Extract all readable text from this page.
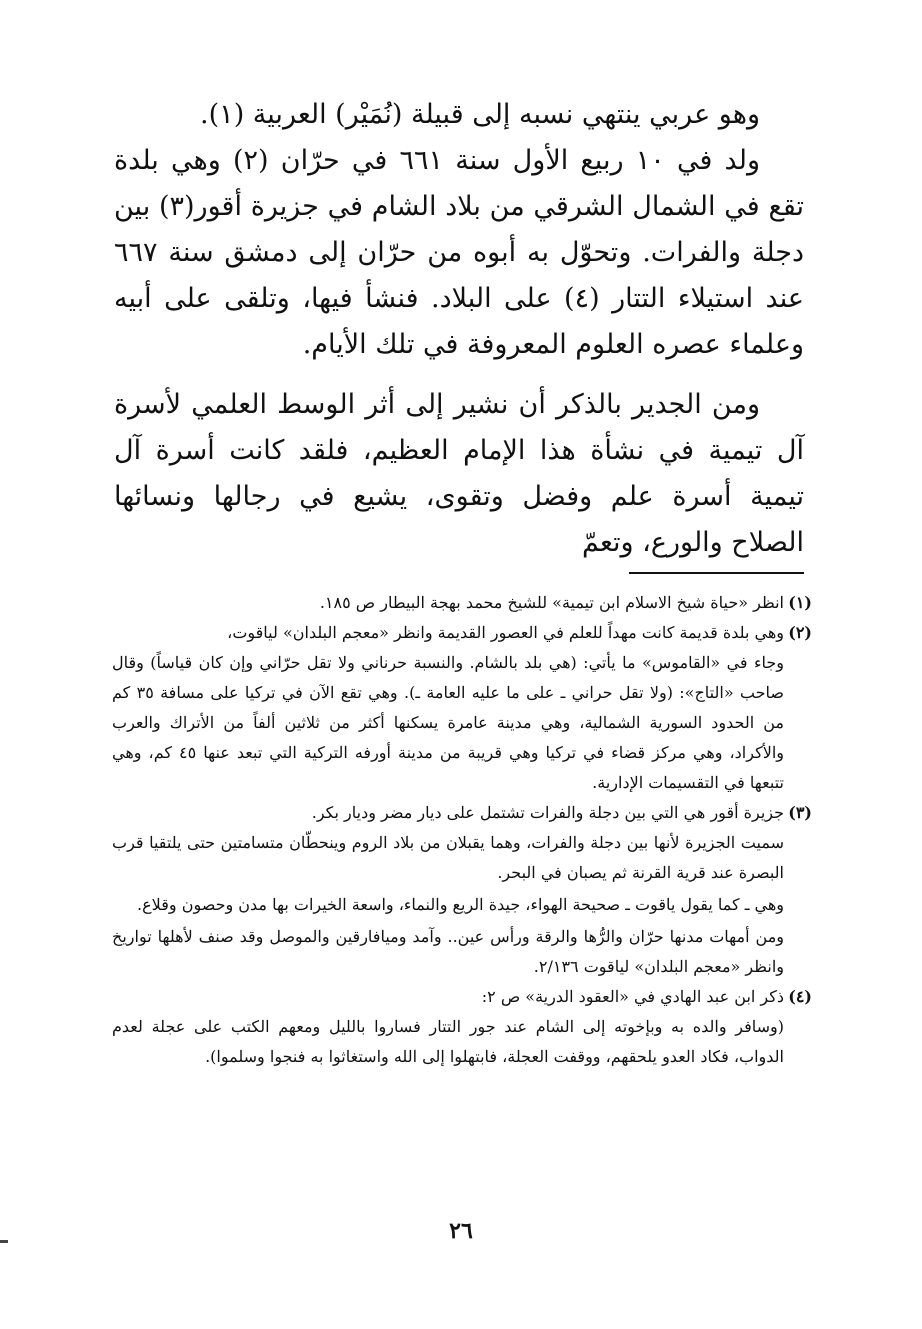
وهو عربي ينتهي نسبه إلى قبيلة (نُمَيْر) العربية (١).

ولد في ١٠ ربيع الأول سنة ٦٦١ في حرّان (٢) وهي بلدة تقع في الشمال الشرقي من بلاد الشام في جزيرة أقور(٣) بين دجلة والفرات. وتحوّل به أبوه من حرّان إلى دمشق سنة ٦٦٧ عند استيلاء التتار (٤) على البلاد. فنشأ فيها، وتلقى على أبيه وعلماء عصره العلوم المعروفة في تلك الأيام.

ومن الجدير بالذكر أن نشير إلى أثر الوسط العلمي لأسرة آل تيمية في نشأة هذا الإمام العظيم، فلقد كانت أسرة آل تيمية أسرة علم وفضل وتقوى، يشيع في رجالها ونسائها الصلاح والورع، وتعمّ

(١)انظر «حياة شيخ الاسلام ابن تيمية» للشيخ محمد بهجة البيطار ص ١٨٥.

(٢)وهي بلدة قديمة كانت مهداً للعلم في العصور القديمة وانظر «معجم البلدان» لياقوت،

وجاء في «القاموس» ما يأتي: (هي بلد بالشام. والنسبة حرناني ولا تقل حرّاني وإن كان قياساً) وقال صاحب «التاج»: (ولا تقل حراني ـ على ما عليه العامة ـ). وهي تقع الآن في تركيا على مسافة ٣٥ كم من الحدود السورية الشمالية، وهي مدينة عامرة يسكنها أكثر من ثلاثين ألفاً من الأتراك والعرب والأكراد، وهي مركز قضاء في تركيا وهي قريبة من مدينة أورفه التركية التي تبعد عنها ٤٥ كم، وهي تتبعها في التقسيمات الإدارية.

(٣)جزيرة أقور هي التي بين دجلة والفرات تشتمل على ديار مضر وديار بكر.

سميت الجزيرة لأنها بين دجلة والفرات، وهما يقبلان من بلاد الروم وينحطّان متسامتين حتى يلتقيا قرب البصرة عند قرية القرنة ثم يصبان في البحر.

وهي ـ كما يقول ياقوت ـ صحيحة الهواء، جيدة الريع والنماء، واسعة الخيرات بها مدن وحصون وقلاع.

ومن أمهات مدنها حرّان والرُّها والرقة ورأس عين.. وآمد وميافارقين والموصل وقد صنف لأهلها تواريخ وانظر «معجم البلدان» لياقوت ٢/١٣٦.

(٤)ذكر ابن عبد الهادي في «العقود الدرية» ص ٢:

(وسافر والده به وبإخوته إلى الشام عند جور التتار فساروا بالليل ومعهم الكتب على عجلة لعدم الدواب، فكاد العدو يلحقهم، ووقفت العجلة، فابتهلوا إلى الله واستغاثوا به فنجوا وسلموا).

٢٦
